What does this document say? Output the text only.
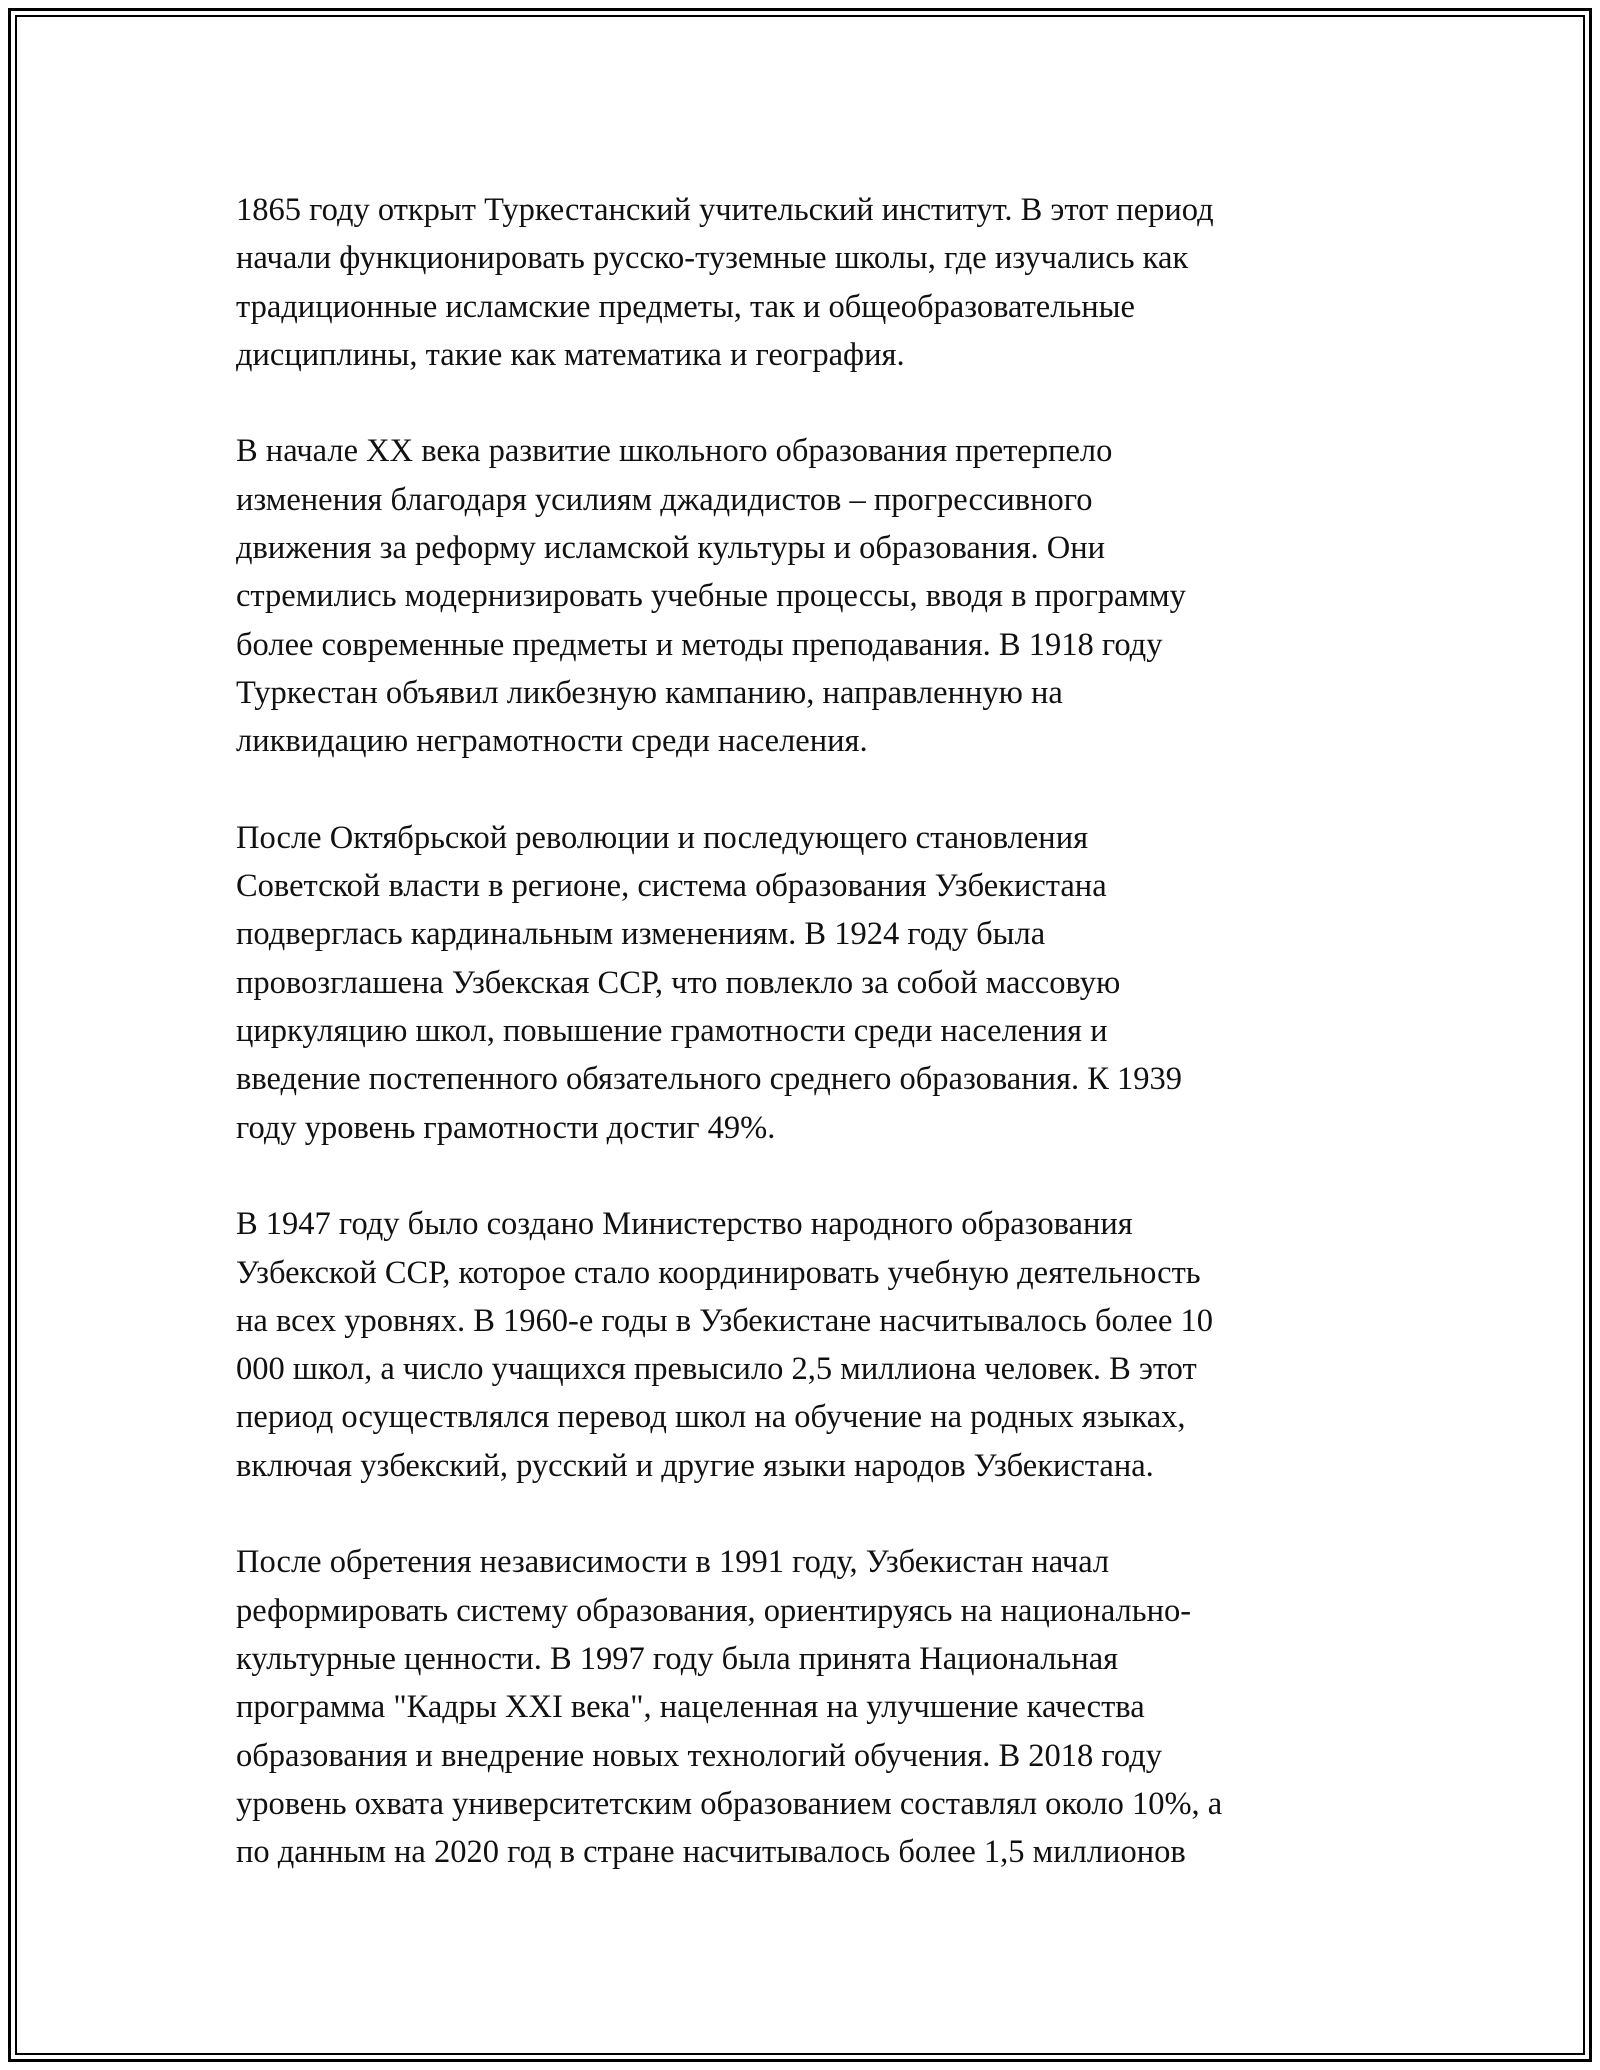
1865 году открыт Туркестанский учительский институт. В этот период
начали функционировать русско-туземные школы, где изучались как
традиционные исламские предметы, так и общеобразовательные
дисциплины, такие как математика и география.

В начале XX века развитие школьного образования претерпело
изменения благодаря усилиям джадидистов – прогрессивного
движения за реформу исламской культуры и образования. Они
стремились модернизировать учебные процессы, вводя в программу
более современные предметы и методы преподавания. В 1918 году
Туркестан объявил ликбезную кампанию, направленную на
ликвидацию неграмотности среди населения.

После Октябрьской революции и последующего становления
Советской власти в регионе, система образования Узбекистана
подверглась кардинальным изменениям. В 1924 году была
провозглашена Узбекская ССР, что повлекло за собой массовую
циркуляцию школ, повышение грамотности среди населения и
введение постепенного обязательного среднего образования. К 1939
году уровень грамотности достиг 49%.

В 1947 году было создано Министерство народного образования
Узбекской ССР, которое стало координировать учебную деятельность
на всех уровнях. В 1960-е годы в Узбекистане насчитывалось более 10
000 школ, а число учащихся превысило 2,5 миллиона человек. В этот
период осуществлялся перевод школ на обучение на родных языках,
включая узбекский, русский и другие языки народов Узбекистана.

После обретения независимости в 1991 году, Узбекистан начал
реформировать систему образования, ориентируясь на национально-
культурные ценности. В 1997 году была принята Национальная
программа "Кадры XXI века", нацеленная на улучшение качества
образования и внедрение новых технологий обучения. В 2018 году
уровень охвата университетским образованием составлял около 10%, а
по данным на 2020 год в стране насчитывалось более 1,5 миллионов
